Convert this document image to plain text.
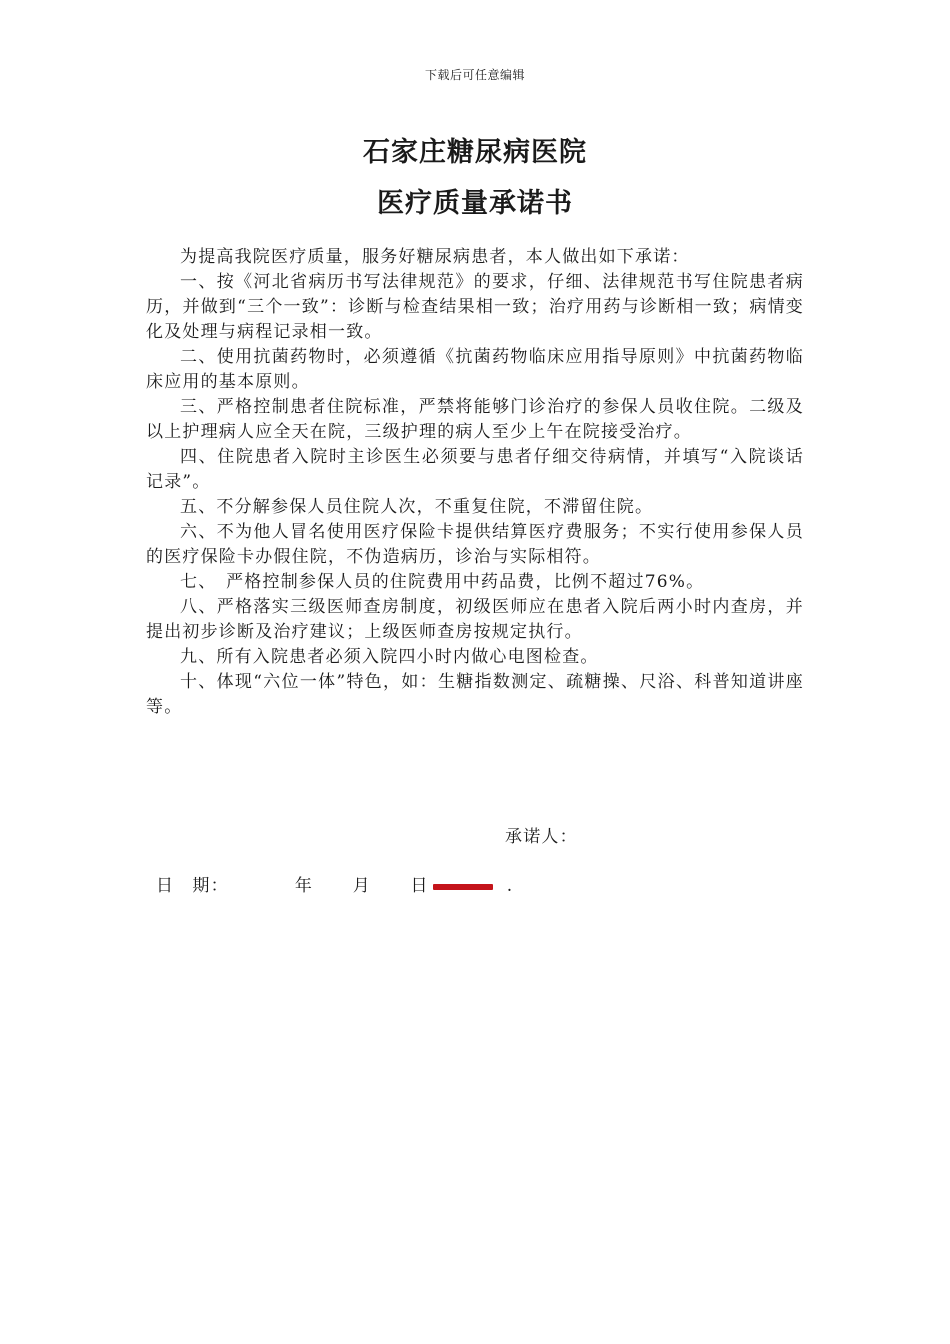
下载后可任意编辑
石家庄糖尿病医院
医疗质量承诺书

为提高我院医疗质量，服务好糖尿病患者，本人做出如下承诺：

一、按《河北省病历书写法律规范》的要求，仔细、法律规范书写住院患者病历，并做到“三个一致”：诊断与检查结果相一致；治疗用药与诊断相一致；病情变化及处理与病程记录相一致。

二、使用抗菌药物时，必须遵循《抗菌药物临床应用指导原则》中抗菌药物临床应用的基本原则。

三、严格控制患者住院标准，严禁将能够门诊治疗的参保人员收住院。二级及以上护理病人应全天在院，三级护理的病人至少上午在院接受治疗。

四、住院患者入院时主诊医生必须要与患者仔细交待病情，并填写“入院谈话记录”。

五、不分解参保人员住院人次，不重复住院，不滞留住院。

六、不为他人冒名使用医疗保险卡提供结算医疗费服务；不实行使用参保人员的医疗保险卡办假住院，不伪造病历，诊治与实际相符。

七、　严格控制参保人员的住院费用中药品费，比例不超过76%。

八、严格落实三级医师查房制度，初级医师应在患者入院后两小时内查房，并提出初步诊断及治疗建议；上级医师查房按规定执行。

九、所有入院患者必须入院四小时内做心电图检查。

十、体现“六位一体”特色，如：生糖指数测定、疏糖操、尺浴、科普知道讲座等。

承诺人：
日　期：	年 月 日	.
